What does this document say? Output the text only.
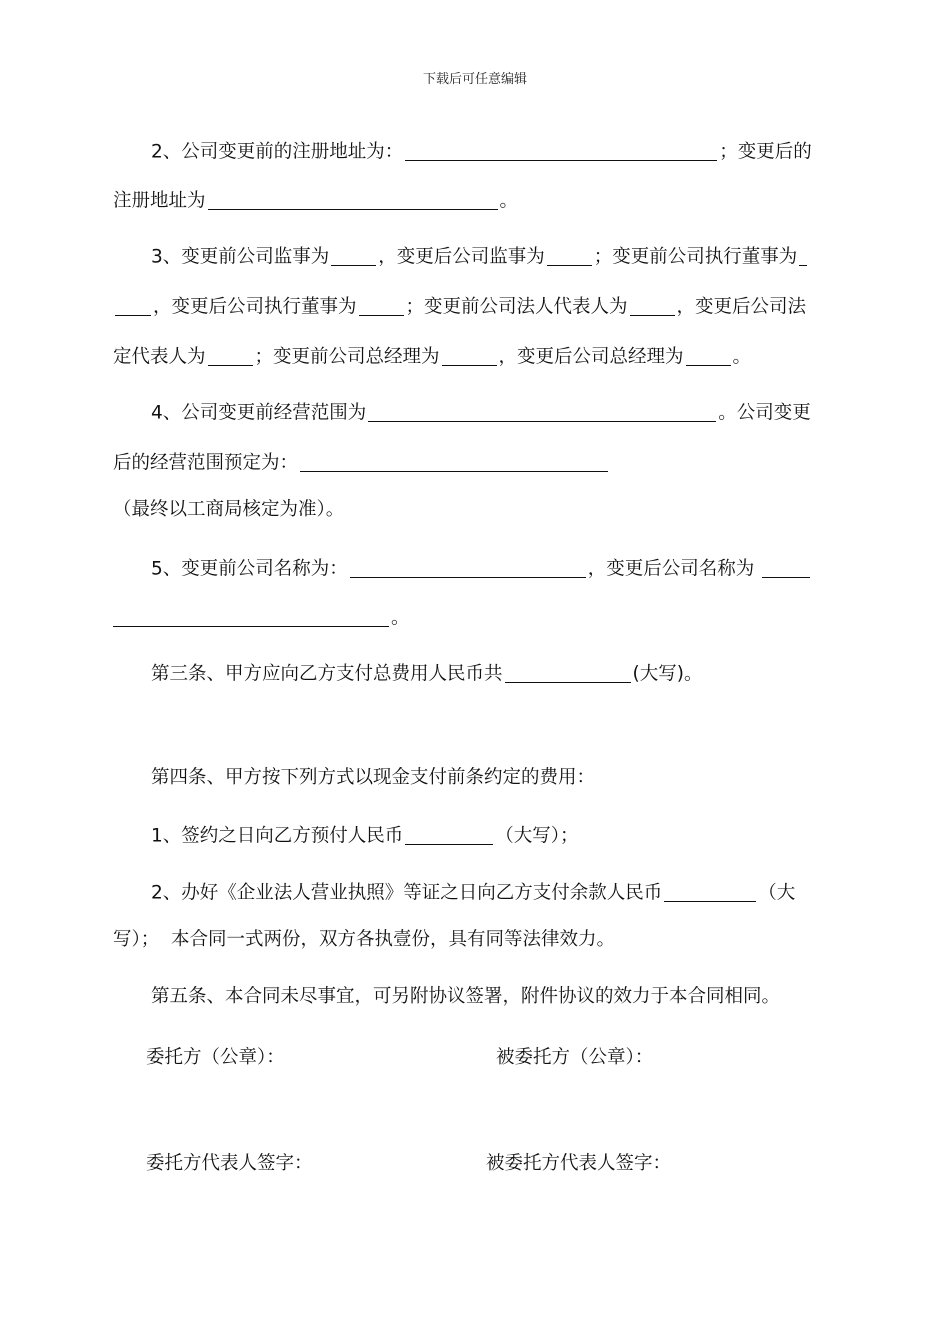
下载后可任意编辑
2、公司变更前的注册地址为：	；变更后的
注册地址为	。
3、变更前公司监事为	，变更后公司监事为	；变更前公司执行董事为
，变更后公司执行董事为	；变更前公司法人代表人为	，变更后公司法
定代表人为	；变更前公司总经理为	，变更后公司总经理为	。
4、公司变更前经营范围为	。公司变更
后的经营范围预定为：
（最终以工商局核定为准）。
5、变更前公司名称为：	，变更后公司名称为
。
第三条、甲方应向乙方支付总费用人民币共	(大写)。
第四条、甲方按下列方式以现金支付前条约定的费用：
1、签约之日向乙方预付人民币	（大写）；
2、办好《企业法人营业执照》等证之日向乙方支付余款人民币	（大
写）；  本合同一式两份，双方各执壹份，具有同等法律效力。
第五条、本合同未尽事宜，可另附协议签署，附件协议的效力于本合同相同。
委托方（公章）：	被委托方（公章）：
委托方代表人签字：	被委托方代表人签字：
